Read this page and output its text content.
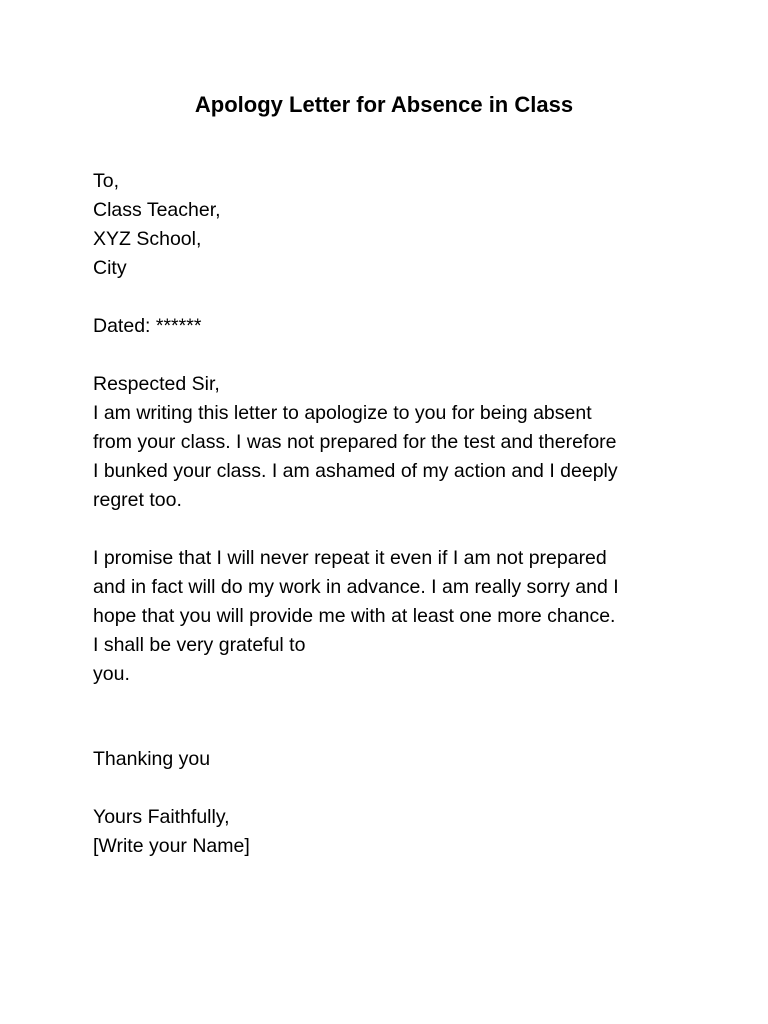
Apology Letter for Absence in Class
To,
Class Teacher,
XYZ School,
City
Dated: ******
Respected Sir,
I am writing this letter to apologize to you for being absent
from your class. I was not prepared for the test and therefore
I bunked your class. I am ashamed of my action and I deeply
regret too.
I promise that I will never repeat it even if I am not prepared
and in fact will do my work in advance. I am really sorry and I
hope that you will provide me with at least one more chance.
I shall be very grateful to
you.
Thanking you
Yours Faithfully,
[Write your Name]
